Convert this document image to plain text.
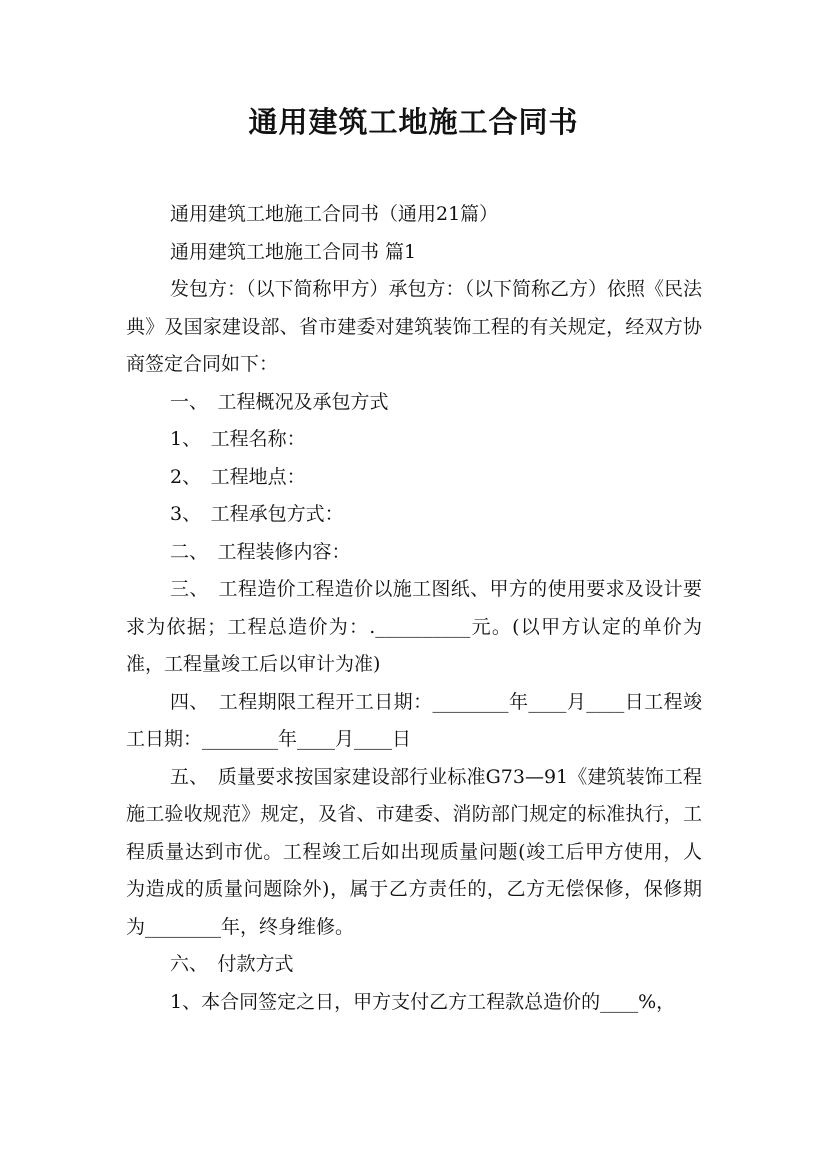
通用建筑工地施工合同书

通用建筑工地施工合同书（通用21篇）

通用建筑工地施工合同书 篇1

发包方：（以下简称甲方）承包方：（以下简称乙方）依照《民法典》及国家建设部、省市建委对建筑装饰工程的有关规定，经双方协商签定合同如下：

一、　工程概况及承包方式

1、　工程名称：

2、　工程地点：

3、　工程承包方式：

二、　工程装修内容：

三、　工程造价工程造价以施工图纸、甲方的使用要求及设计要求为依据；工程总造价为：.__________元。(以甲方认定的单价为准，工程量竣工后以审计为准)

四、　工程期限工程开工日期：________年____月____日工程竣工日期：________年____月____日

五、　质量要求按国家建设部行业标准G73—91《建筑装饰工程施工验收规范》规定，及省、市建委、消防部门规定的标准执行，工程质量达到市优。工程竣工后如出现质量问题(竣工后甲方使用，人为造成的质量问题除外)，属于乙方责任的，乙方无偿保修，保修期为________年，终身维修。

六、　付款方式

1、本合同签定之日，甲方支付乙方工程款总造价的____%，
